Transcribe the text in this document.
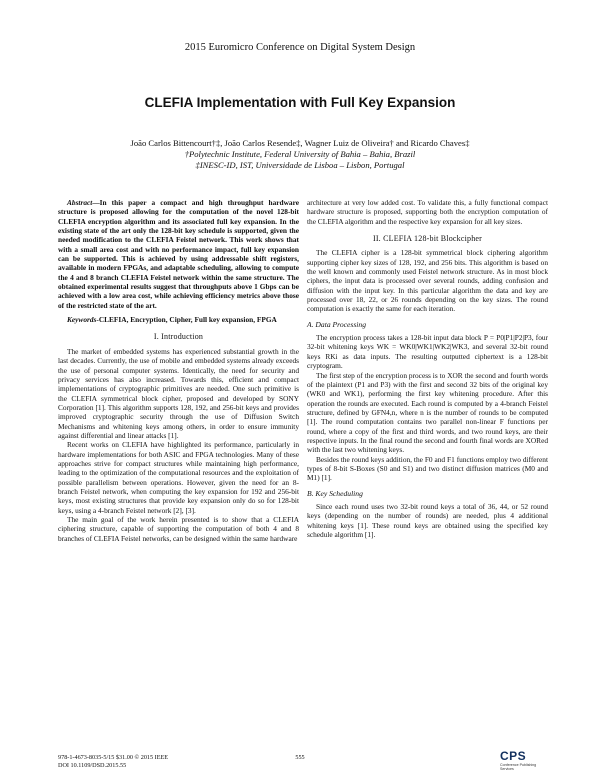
2015 Euromicro Conference on Digital System Design
CLEFIA Implementation with Full Key Expansion
João Carlos Bittencourt†‡, João Carlos Resende‡, Wagner Luiz de Oliveira† and Ricardo Chaves‡
†Polytechnic Institute, Federal University of Bahia – Bahia, Brazil
‡INESC-ID, IST, Universidade de Lisboa – Lisbon, Portugal

Abstract—In this paper a compact and high throughput hardware structure is proposed allowing for the computation of the novel 128-bit CLEFIA encryption algorithm and its associated full key expansion. In the existing state of the art only the 128-bit key schedule is supported, given the needed modification to the CLEFIA Feistel network. This work shows that with a small area cost and with no performance impact, full key expansion can be supported. This is achieved by using addressable shift registers, available in modern FPGAs, and adaptable scheduling, allowing to compute the 4 and 8 branch CLEFIA Feistel network within the same structure. The obtained experimental results suggest that throughputs above 1 Gbps can be achieved with a low area cost, while achieving efficiency metrics above those of the restricted state of the art.

Keywords-CLEFIA, Encryption, Cipher, Full key expansion, FPGA

I. Introduction

The market of embedded systems has experienced substantial growth in the last decades. Currently, the use of mobile and embedded systems already exceeds the use of personal computer systems. Identically, the need for security and privacy services has also increased. Towards this, efficient and compact implementations of cryptographic primitives are needed. One such primitive is the CLEFIA symmetrical block cipher, proposed and developed by SONY Corporation [1]. This algorithm supports 128, 192, and 256-bit keys and provides improved cryptographic security through the use of Diffusion Switch Mechanisms and whitening keys among others, in order to ensure immunity against differential and linear attacks [1].

Recent works on CLEFIA have highlighted its performance, particularly in hardware implementations for both ASIC and FPGA technologies. Many of these approaches strive for compact structures while maintaining high performance, leading to the optimization of the computational resources and the exploitation of possible parallelism between operations. However, given the need for an 8-branch Feistel network, when computing the key expansion for 192 and 256-bit keys, most existing structures that provide key expansion only do so for 128-bit keys, using a 4-branch Feistel network [2], [3].

The main goal of the work herein presented is to show that a CLEFIA ciphering structure, capable of supporting the computation of both 4 and 8 branches of CLEFIA Feistel networks, can be designed within the same hardware

architecture at very low added cost. To validate this, a fully functional compact hardware structure is proposed, supporting both the encryption computation of the CLEFIA algorithm and the respective key expansion for all key sizes.

II. CLEFIA 128-bit Blockcipher

The CLEFIA cipher is a 128-bit symmetrical block ciphering algorithm supporting cipher key sizes of 128, 192, and 256 bits. This algorithm is based on the well known and commonly used Feistel network structure. As in most block ciphers, the input data is processed over several rounds, adding confusion and diffusion with the input key. In this particular algorithm the data and key are processed over 18, 22, or 26 rounds depending on the key sizes. The round computation is exactly the same for each iteration.

A. Data Processing

The encryption process takes a 128-bit input data block P = P0|P1|P2|P3, four 32-bit whitening keys WK = WK0|WK1|WK2|WK3, and several 32-bit round keys RKi as data inputs. The resulting outputted ciphertext is a 128-bit cryptogram.

The first step of the encryption process is to XOR the second and fourth words of the plaintext (P1 and P3) with the first and second 32 bits of the original key (WK0 and WK1), performing the first key whitening procedure. After this operation the rounds are executed. Each round is computed by a 4-branch Feistel structure, defined by GFN4,n, where n is the number of rounds to be computed [1]. The round computation contains two parallel non-linear F functions per round, where a copy of the first and third words, and two round keys, are their respective inputs. In the final round the second and fourth final words are XORed with the last two whitening keys.

Besides the round keys addition, the F0 and F1 functions employ two different types of 8-bit S-Boxes (S0 and S1) and two distinct diffusion matrices (M0 and M1) [1].

B. Key Scheduling

Since each round uses two 32-bit round keys a total of 36, 44, or 52 round keys (depending on the number of rounds) are needed, plus 4 additional whitening keys [1]. These round keys are obtained using the specified key schedule algorithm [1].

978-1-4673-8035-5/15 $31.00 © 2015 IEEE
DOI 10.1109/DSD.2015.55
555	CPS
Conference Publishing Services
